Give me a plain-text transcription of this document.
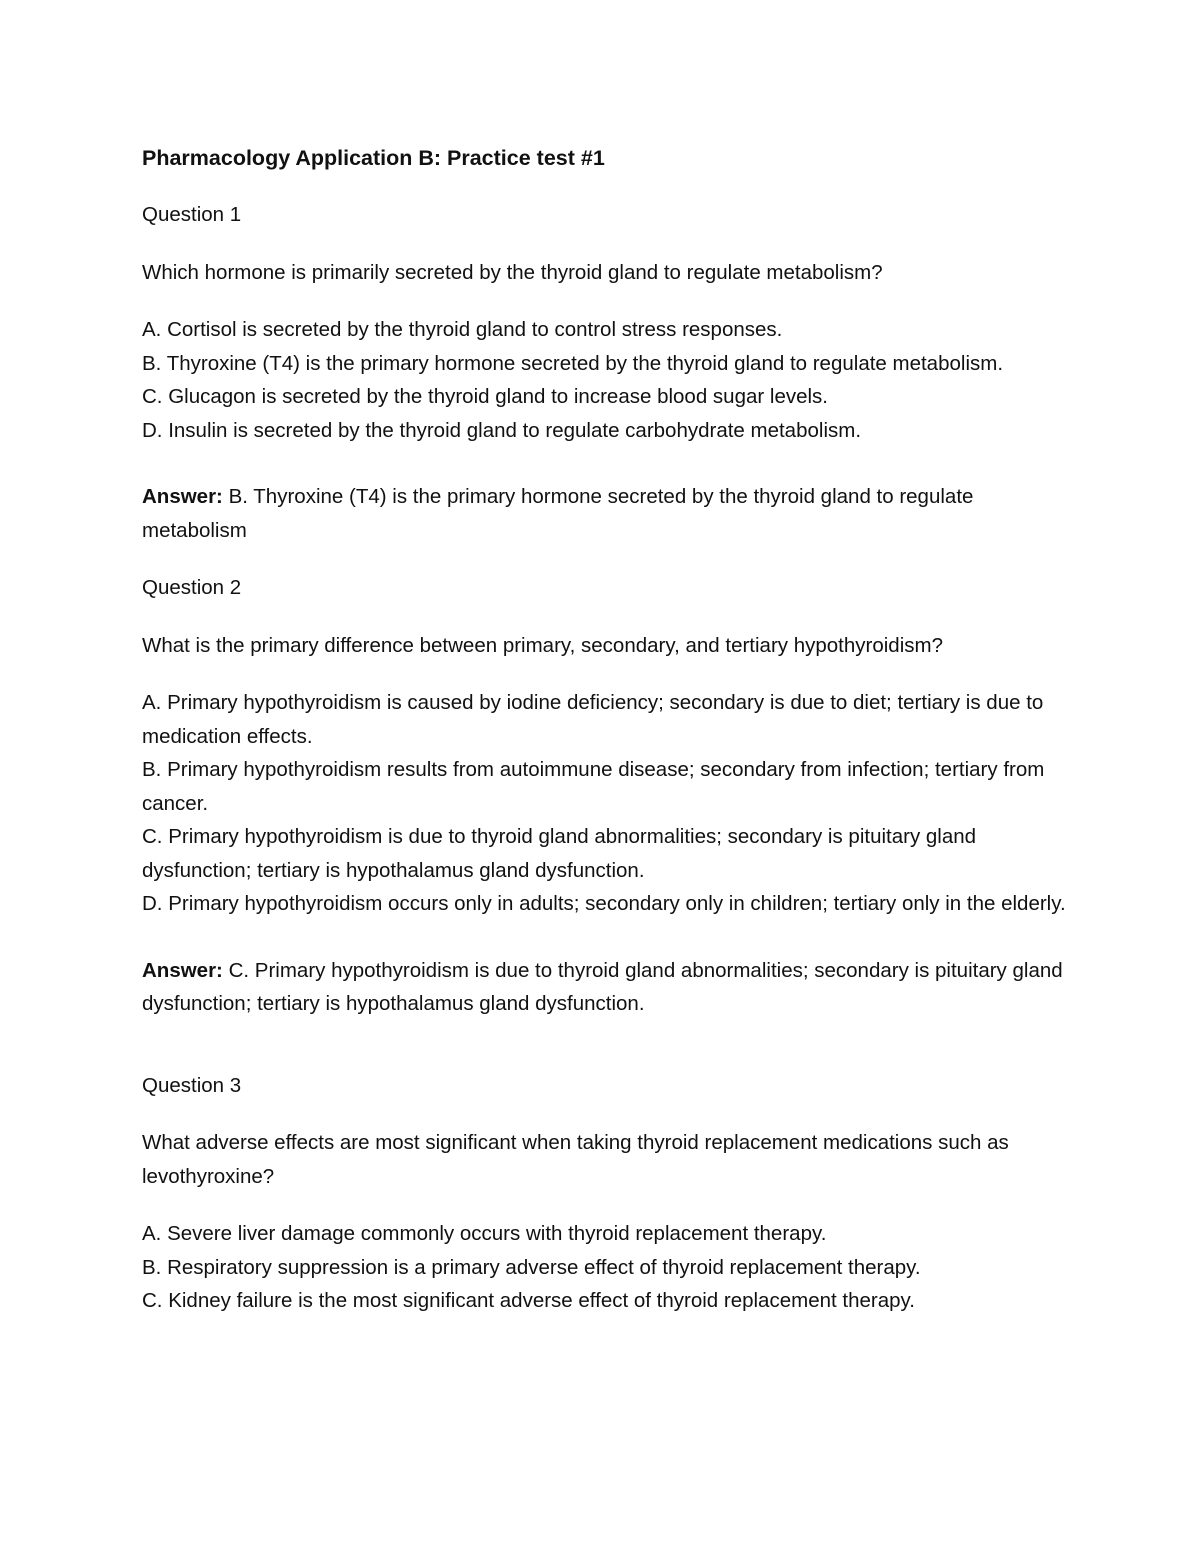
Pharmacology Application B: Practice test #1
Question 1
Which hormone is primarily secreted by the thyroid gland to regulate metabolism?
A. Cortisol is secreted by the thyroid gland to control stress responses.
B. Thyroxine (T4) is the primary hormone secreted by the thyroid gland to regulate metabolism.
C. Glucagon is secreted by the thyroid gland to increase blood sugar levels.
D. Insulin is secreted by the thyroid gland to regulate carbohydrate metabolism.
Answer: B. Thyroxine (T4) is the primary hormone secreted by the thyroid gland to regulate metabolism
Question 2
What is the primary difference between primary, secondary, and tertiary hypothyroidism?
A. Primary hypothyroidism is caused by iodine deficiency; secondary is due to diet; tertiary is due to medication effects.
B. Primary hypothyroidism results from autoimmune disease; secondary from infection; tertiary from cancer.
C. Primary hypothyroidism is due to thyroid gland abnormalities; secondary is pituitary gland dysfunction; tertiary is hypothalamus gland dysfunction.
D. Primary hypothyroidism occurs only in adults; secondary only in children; tertiary only in the elderly.
Answer: C. Primary hypothyroidism is due to thyroid gland abnormalities; secondary is pituitary gland dysfunction; tertiary is hypothalamus gland dysfunction.
Question 3
What adverse effects are most significant when taking thyroid replacement medications such as levothyroxine?
A. Severe liver damage commonly occurs with thyroid replacement therapy.
B. Respiratory suppression is a primary adverse effect of thyroid replacement therapy.
C. Kidney failure is the most significant adverse effect of thyroid replacement therapy.
